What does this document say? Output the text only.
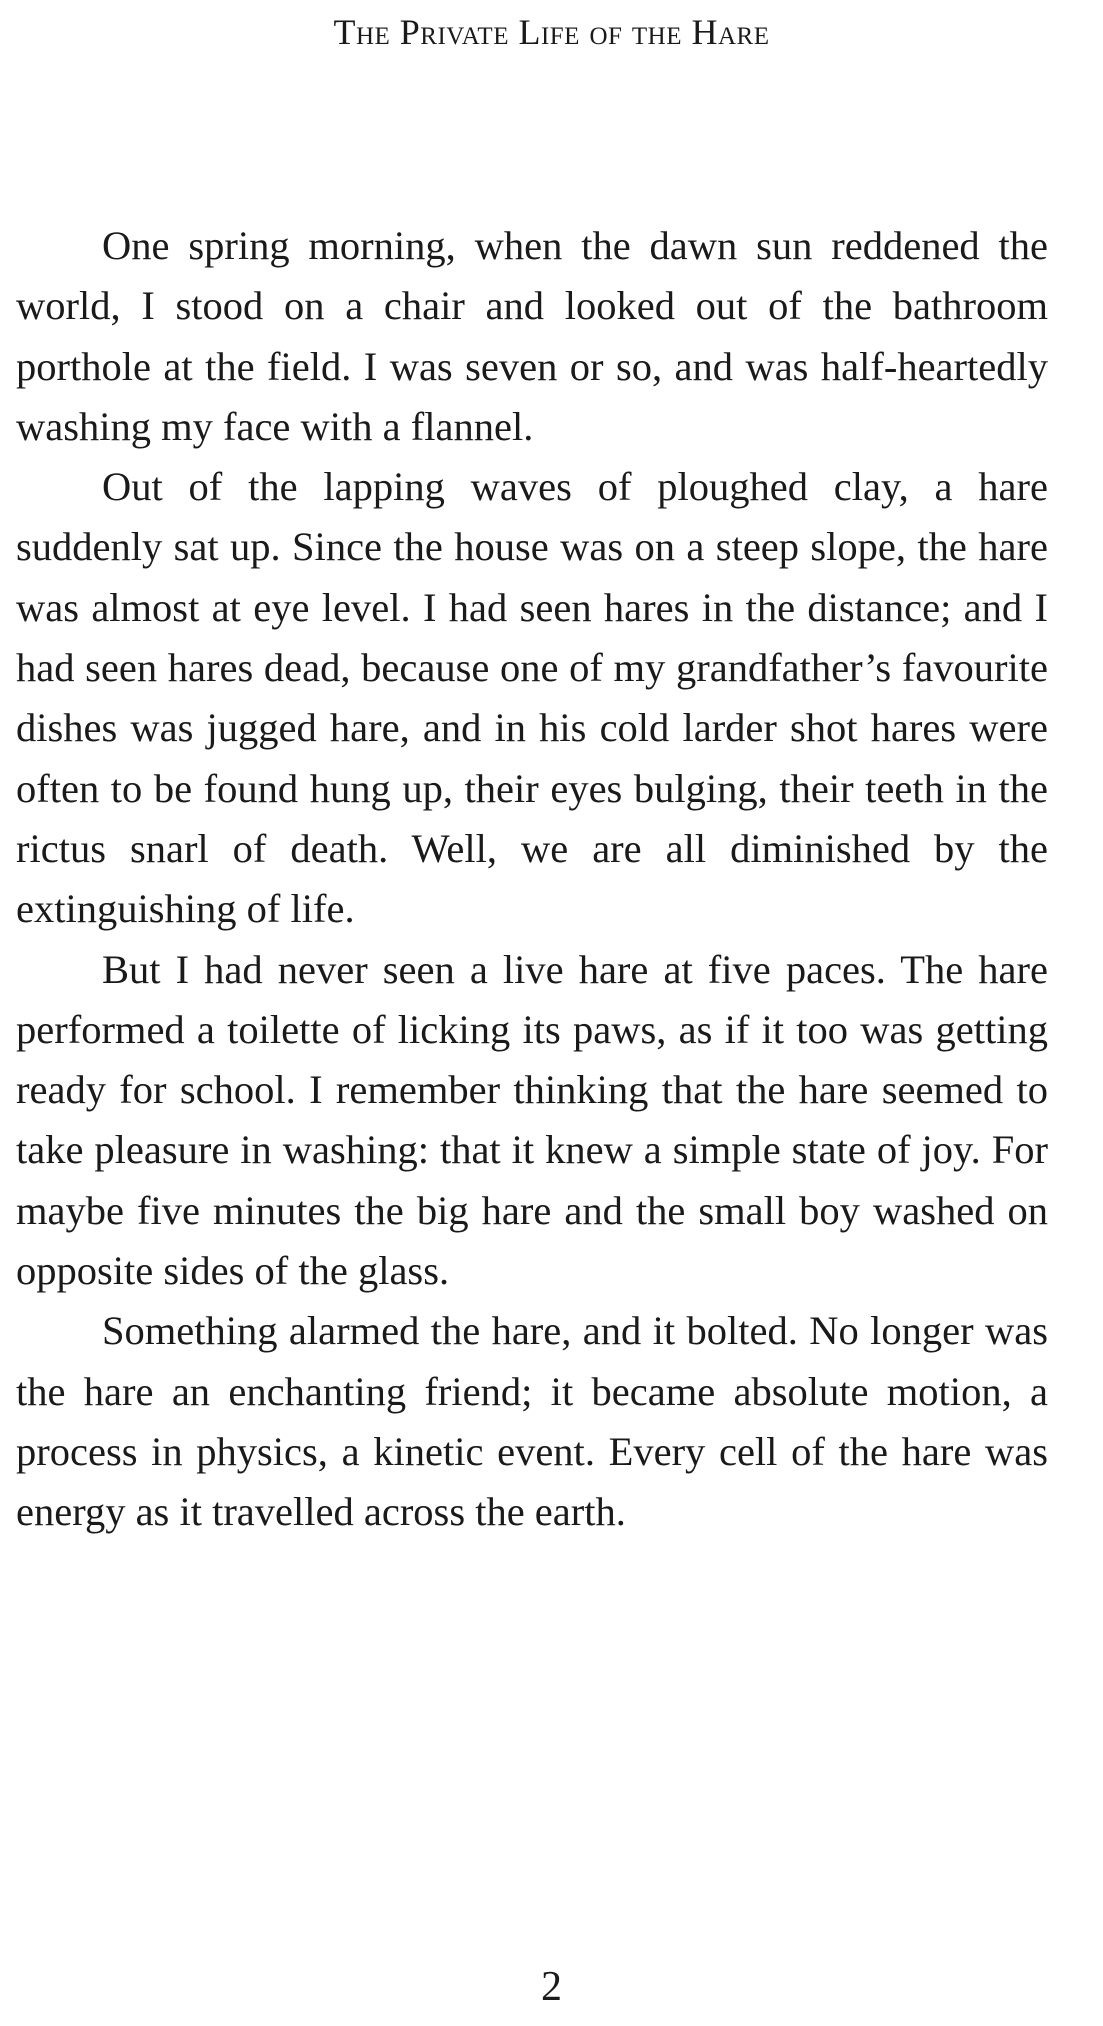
The Private Life of the Hare

One spring morning, when the dawn sun reddened the world, I stood on a chair and looked out of the bathroom porthole at the field. I was seven or so, and was half-heartedly washing my face with a flannel.

Out of the lapping waves of ploughed clay, a hare suddenly sat up. Since the house was on a steep slope, the hare was almost at eye level. I had seen hares in the distance; and I had seen hares dead, because one of my grandfather’s favourite dishes was jugged hare, and in his cold larder shot hares were often to be found hung up, their eyes bulging, their teeth in the rictus snarl of death. Well, we are all diminished by the extinguishing of life.

But I had never seen a live hare at five paces. The hare performed a toilette of licking its paws, as if it too was getting ready for school. I remember thinking that the hare seemed to take pleasure in washing: that it knew a simple state of joy. For maybe five minutes the big hare and the small boy washed on opposite sides of the glass.

Something alarmed the hare, and it bolted. No longer was the hare an enchanting friend; it became absolute motion, a process in physics, a kinetic event. Every cell of the hare was energy as it travelled across the earth.

2
